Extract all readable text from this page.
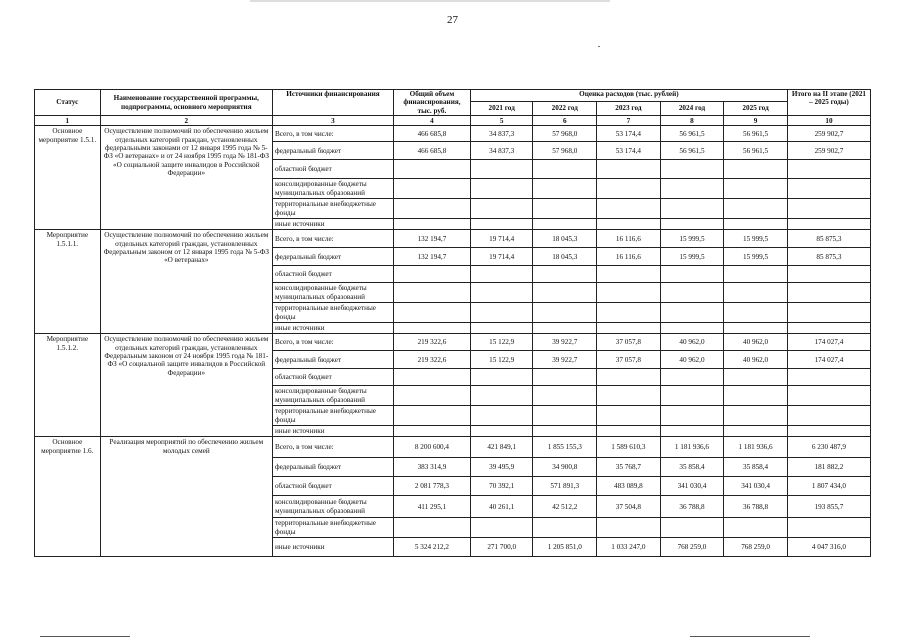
27
Статус	Наименование государственной программы, подпрограммы, основного мероприятия	Источники финансирования	Общий объем финансирования, тыс. руб.	Оценка расходов (тыс. рублей)					Итого на II этапе (2021 – 2025 годы)
				2021 год	2022 год	2023 год	2024 год	2025 год	
1	2	3	4	5	6	7	8	9	10
Основное мероприятие 1.5.1.	Осуществление полномочий по обеспечению жильем отдельных категорий граждан, установленных федеральными законами от 12 января 1995 года № 5-ФЗ «О ветеранах» и от 24 ноября 1995 года № 181-ФЗ «О социальной защите инвалидов в Российской Федерации»	Всего, в том числе:	466 685,8	34 837,3	57 968,0	53 174,4	56 961,5	56 961,5	259 902,7
		федеральный бюджет	466 685,8	34 837,3	57 968,0	53 174,4	56 961,5	56 961,5	259 902,7
		областной бюджет							
		консолидированные бюджеты муниципальных образований							
		территориальные внебюджетные фонды							
		иные источники							
Мероприятие 1.5.1.1.	Осуществление полномочий по обеспечению жильем отдельных категорий граждан, установленных Федеральным законом от 12 января 1995 года № 5-ФЗ «О ветеранах»	Всего, в том числе:	132 194,7	19 714,4	18 045,3	16 116,6	15 999,5	15 999,5	85 875,3
		федеральный бюджет	132 194,7	19 714,4	18 045,3	16 116,6	15 999,5	15 999,5	85 875,3
		областной бюджет							
		консолидированные бюджеты муниципальных образований							
		территориальные внебюджетные фонды							
		иные источники							
Мероприятие 1.5.1.2.	Осуществление полномочий по обеспечению жильем отдельных категорий граждан, установленных Федеральным законом от 24 ноября 1995 года № 181-ФЗ «О социальной защите инвалидов в Российской Федерации»	Всего, в том числе:	219 322,6	15 122,9	39 922,7	37 057,8	40 962,0	40 962,0	174 027,4
		федеральный бюджет	219 322,6	15 122,9	39 922,7	37 057,8	40 962,0	40 962,0	174 027,4
		областной бюджет							
		консолидированные бюджеты муниципальных образований							
		территориальные внебюджетные фонды							
		иные источники							
Основное мероприятие 1.6.	Реализация мероприятий по обеспечению жильем молодых семей	Всего, в том числе:	8 200 600,4	421 849,1	1 855 155,3	1 589 610,3	1 181 936,6	1 181 936,6	6 230 487,9
		федеральный бюджет	383 314,9	39 495,9	34 900,8	35 768,7	35 858,4	35 858,4	181 882,2
		областной бюджет	2 081 778,3	70 392,1	571 891,3	483 089,8	341 030,4	341 030,4	1 807 434,0
		консолидированные бюджеты муниципальных образований	411 295,1	40 261,1	42 512,2	37 504,8	36 788,8	36 788,8	193 855,7
		территориальные внебюджетные фонды							
		иные источники	5 324 212,2	271 700,0	1 205 851,0	1 033 247,0	768 259,0	768 259,0	4 047 316,0
